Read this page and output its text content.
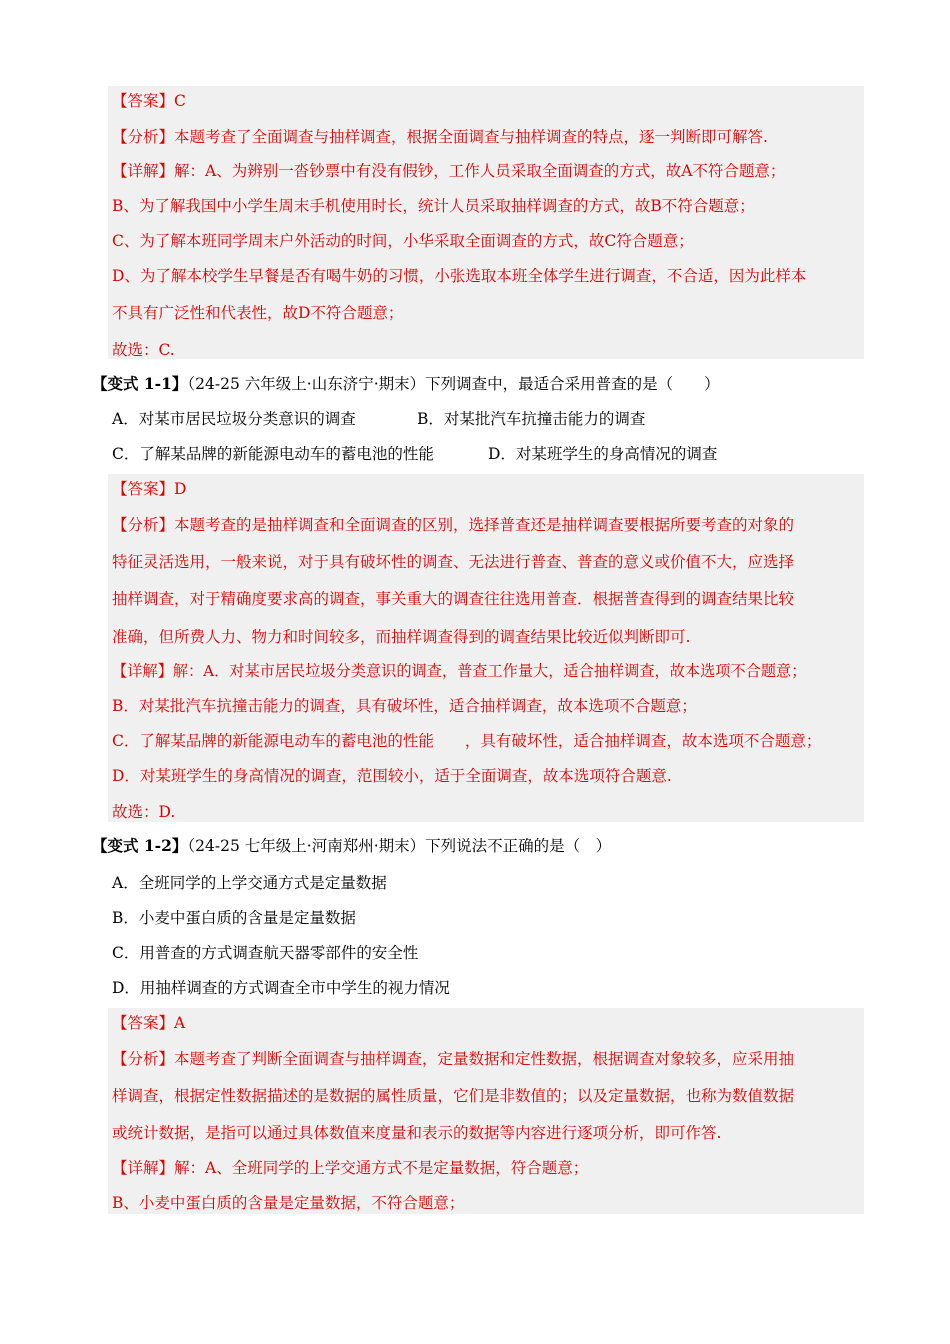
【答案】C
【分析】本题考查了全面调查与抽样调查，根据全面调查与抽样调查的特点，逐一判断即可解答.
【详解】解：A、为辨别一沓钞票中有没有假钞，工作人员采取全面调查的方式，故A不符合题意；
B、为了解我国中小学生周末手机使用时长，统计人员采取抽样调查的方式，故B不符合题意；
C、为了解本班同学周末户外活动的时间，小华采取全面调查的方式，故C符合题意；
D、为了解本校学生早餐是否有喝牛奶的习惯，小张选取本班全体学生进行调查，不合适，因为此样本
不具有广泛性和代表性，故D不符合题意；
故选：C.
【变式 1-1】（24-25 六年级上·山东济宁·期末）下列调查中，最适合采用普查的是（　　）
A．对某市居民垃圾分类意识的调查	B．对某批汽车抗撞击能力的调查
C．了解某品牌的新能源电动车的蓄电池的性能	D．对某班学生的身高情况的调查
【答案】D
【分析】本题考查的是抽样调查和全面调查的区别，选择普查还是抽样调查要根据所要考查的对象的
特征灵活选用，一般来说，对于具有破坏性的调查、无法进行普查、普查的意义或价值不大，应选择
抽样调查，对于精确度要求高的调查，事关重大的调查往往选用普查．根据普查得到的调查结果比较
准确，但所费人力、物力和时间较多，而抽样调查得到的调查结果比较近似判断即可.
【详解】解：A．对某市居民垃圾分类意识的调查，普查工作量大，适合抽样调查，故本选项不合题意；
B．对某批汽车抗撞击能力的调查，具有破坏性，适合抽样调查，故本选项不合题意；
C．了解某品牌的新能源电动车的蓄电池的性能　　，具有破坏性，适合抽样调查，故本选项不合题意；
D．对某班学生的身高情况的调查，范围较小，适于全面调查，故本选项符合题意.
故选：D.
【变式 1-2】（24-25 七年级上·河南郑州·期末）下列说法不正确的是（　）
A．全班同学的上学交通方式是定量数据
B．小麦中蛋白质的含量是定量数据
C．用普查的方式调查航天器零部件的安全性
D．用抽样调查的方式调查全市中学生的视力情况
【答案】A
【分析】本题考查了判断全面调查与抽样调查，定量数据和定性数据，根据调查对象较多，应采用抽
样调查，根据定性数据描述的是数据的属性质量，它们是非数值的；以及定量数据，也称为数值数据
或统计数据，是指可以通过具体数值来度量和表示的数据等内容进行逐项分析，即可作答.
【详解】解：A、全班同学的上学交通方式不是定量数据，符合题意；
B、小麦中蛋白质的含量是定量数据，不符合题意；
